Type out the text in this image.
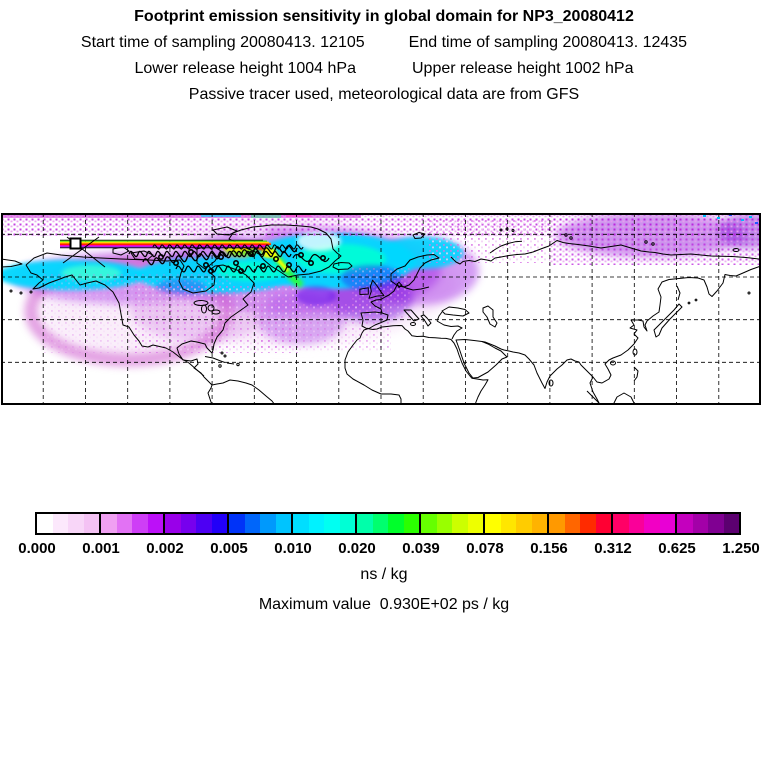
Footprint emission sensitivity in global domain for NP3_20080412
Start time of sampling 20080413. 12105	End time of sampling 20080413. 12435
Lower release height 1004 hPa	Upper release height 1002 hPa
Passive tracer used, meteorological data are from GFS
0.000 0.001 0.002 0.005 0.010 0.020 0.039 0.078 0.156 0.312 0.625 1.250
ns / kg
Maximum value  0.930E+02 ps / kg
